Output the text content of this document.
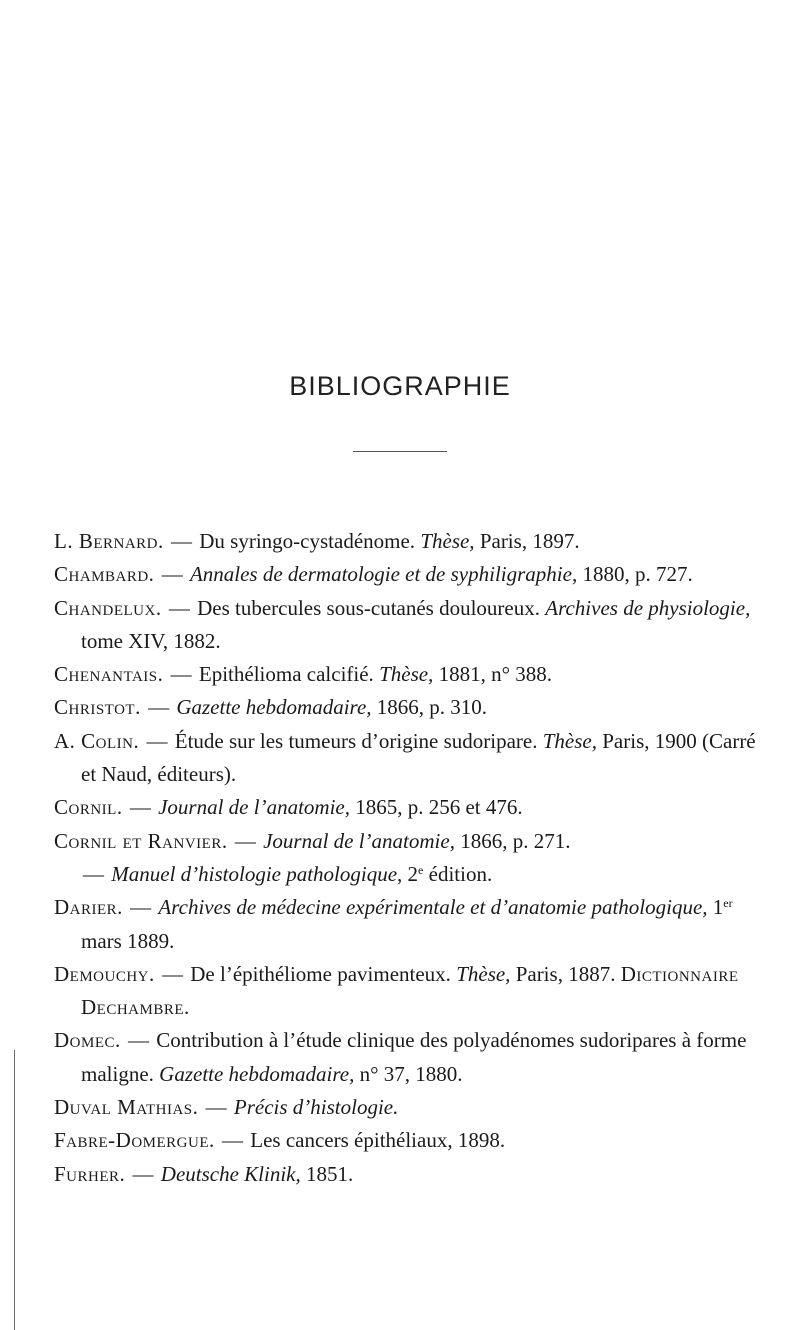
BIBLIOGRAPHIE
L. Bernard. — Du syringo-cystadénome. Thèse, Paris, 1897.
Chambard. — Annales de dermatologie et de syphiligraphie, 1880, p. 727.
Chandelux. — Des tubercules sous-cutanés douloureux. Archives de physiologie, tome XIV, 1882.
Chenantais. — Epithélioma calcifié. Thèse, 1881, n° 388.
Christot. — Gazette hebdomadaire, 1866, p. 310.
A. Colin. — Étude sur les tumeurs d’origine sudoripare. Thèse, Paris, 1900 (Carré et Naud, éditeurs).
Cornil. — Journal de l’anatomie, 1865, p. 256 et 476.
Cornil et Ranvier. — Journal de l’anatomie, 1866, p. 271.
— Manuel d’histologie pathologique, 2e édition.
Darier. — Archives de médecine expérimentale et d’anatomie pathologique, 1er mars 1889.
Demouchy. — De l’épithéliome pavimenteux. Thèse, Paris, 1887. Dictionnaire Dechambre.
Domec. — Contribution à l’étude clinique des polyadénomes sudoripares à forme maligne. Gazette hebdomadaire, n° 37, 1880.
Duval Mathias. — Précis d’histologie.
Fabre-Domergue. — Les cancers épithéliaux, 1898.
Furher. — Deutsche Klinik, 1851.
